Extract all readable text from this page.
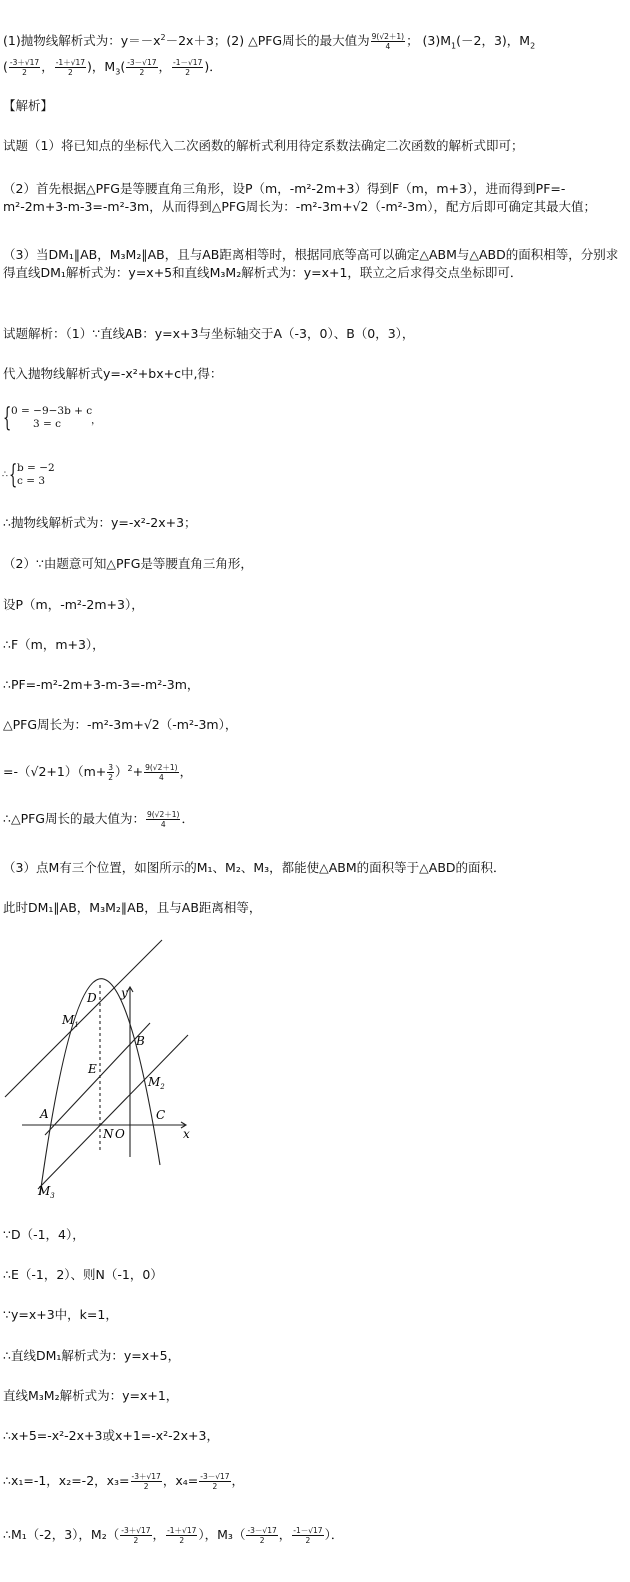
(1)抛物线解析式为：$y=-x^2-2x+3$；(2) △PFG周长的最大值为 $\frac{9(√2+1)}{4}$ ； $(3)M_1(-2$，3)，$M_2$
( $\frac{-3+√17}{2}$ ， $\frac{-1+√17}{2}$ )，$M_3( \frac{-3-√17}{2}$ ， $\frac{-1-√17}{2}$ )．
【解析】
试题（1）将已知点的坐标代入二次函数的解析式利用待定系数法确定二次函数的解析式即可；
（2）首先根据△PFG是等腰直角三角形，设P（m，-m²-2m+3）得到F（m，m+3），进而得到PF=-m²-2m+3-m-3=-m²-3m，从而得到△PFG周长为：-m²-3m+√2（-m²-3m），配方后即可确定其最大值；
（3）当DM₁∥AB，M₃M₂∥AB，且与AB距离相等时，根据同底等高可以确定△ABM与△ABD的面积相等，分别求得直线DM₁解析式为：y=x+5和直线M₃M₂解析式为：y=x+1，联立之后求得交点坐标即可．
试题解析：（1）∵直线AB：y=x+3与坐标轴交于A（-3，0）、B（0，3），
代入抛物线解析式y=-x²+bx+c中,得：
{ 0 = −9−3b + c
3 = c	，
∴ { b = −2
c = 3
∴抛物线解析式为：y=-x²-2x+3；
（2）∵由题意可知△PFG是等腰直角三角形，
设P（m，-m²-2m+3），
∴F（m，m+3），
∴PF=-m²-2m+3-m-3=-m²-3m，
△PFG周长为：-m²-3m+√2（-m²-3m），
$=-(√2+1)(m+ \frac{3}{2} )^2+ \frac{9(√2+1)}{4}$ ，
∴△PFG周长的最大值为： $\frac{9(√2+1)}{4}$ ．
（3）点M有三个位置，如图所示的M₁、M₂、M₃，都能使△ABM的面积等于△ABD的面积．
此时DM₁∥AB，M₃M₂∥AB，且与AB距离相等，
D y
$M_1$
B
E
$M_2$
A	C
N O	x
$M_3$
∵D（-1，4），
∴E（-1，2）、则N（-1，0）
∵y=x+3中，k=1，
∴直线DM₁解析式为：y=x+5，
直线M₃M₂解析式为：y=x+1，
∴x+5=-x²-2x+3或x+1=-x²-2x+3，
∴x₁=-1，x₂=-2，$x_3= \frac{-3+√17}{2}$ ，$x_4= \frac{-3-√17}{2}$ ，
∴M₁（-2，3），$M_2( \frac{-3+√17}{2}$ ， $\frac{-1+√17}{2}$ ），$M_3( \frac{-3-√17}{2}$ ， $\frac{-1-√17}{2}$ ）．
